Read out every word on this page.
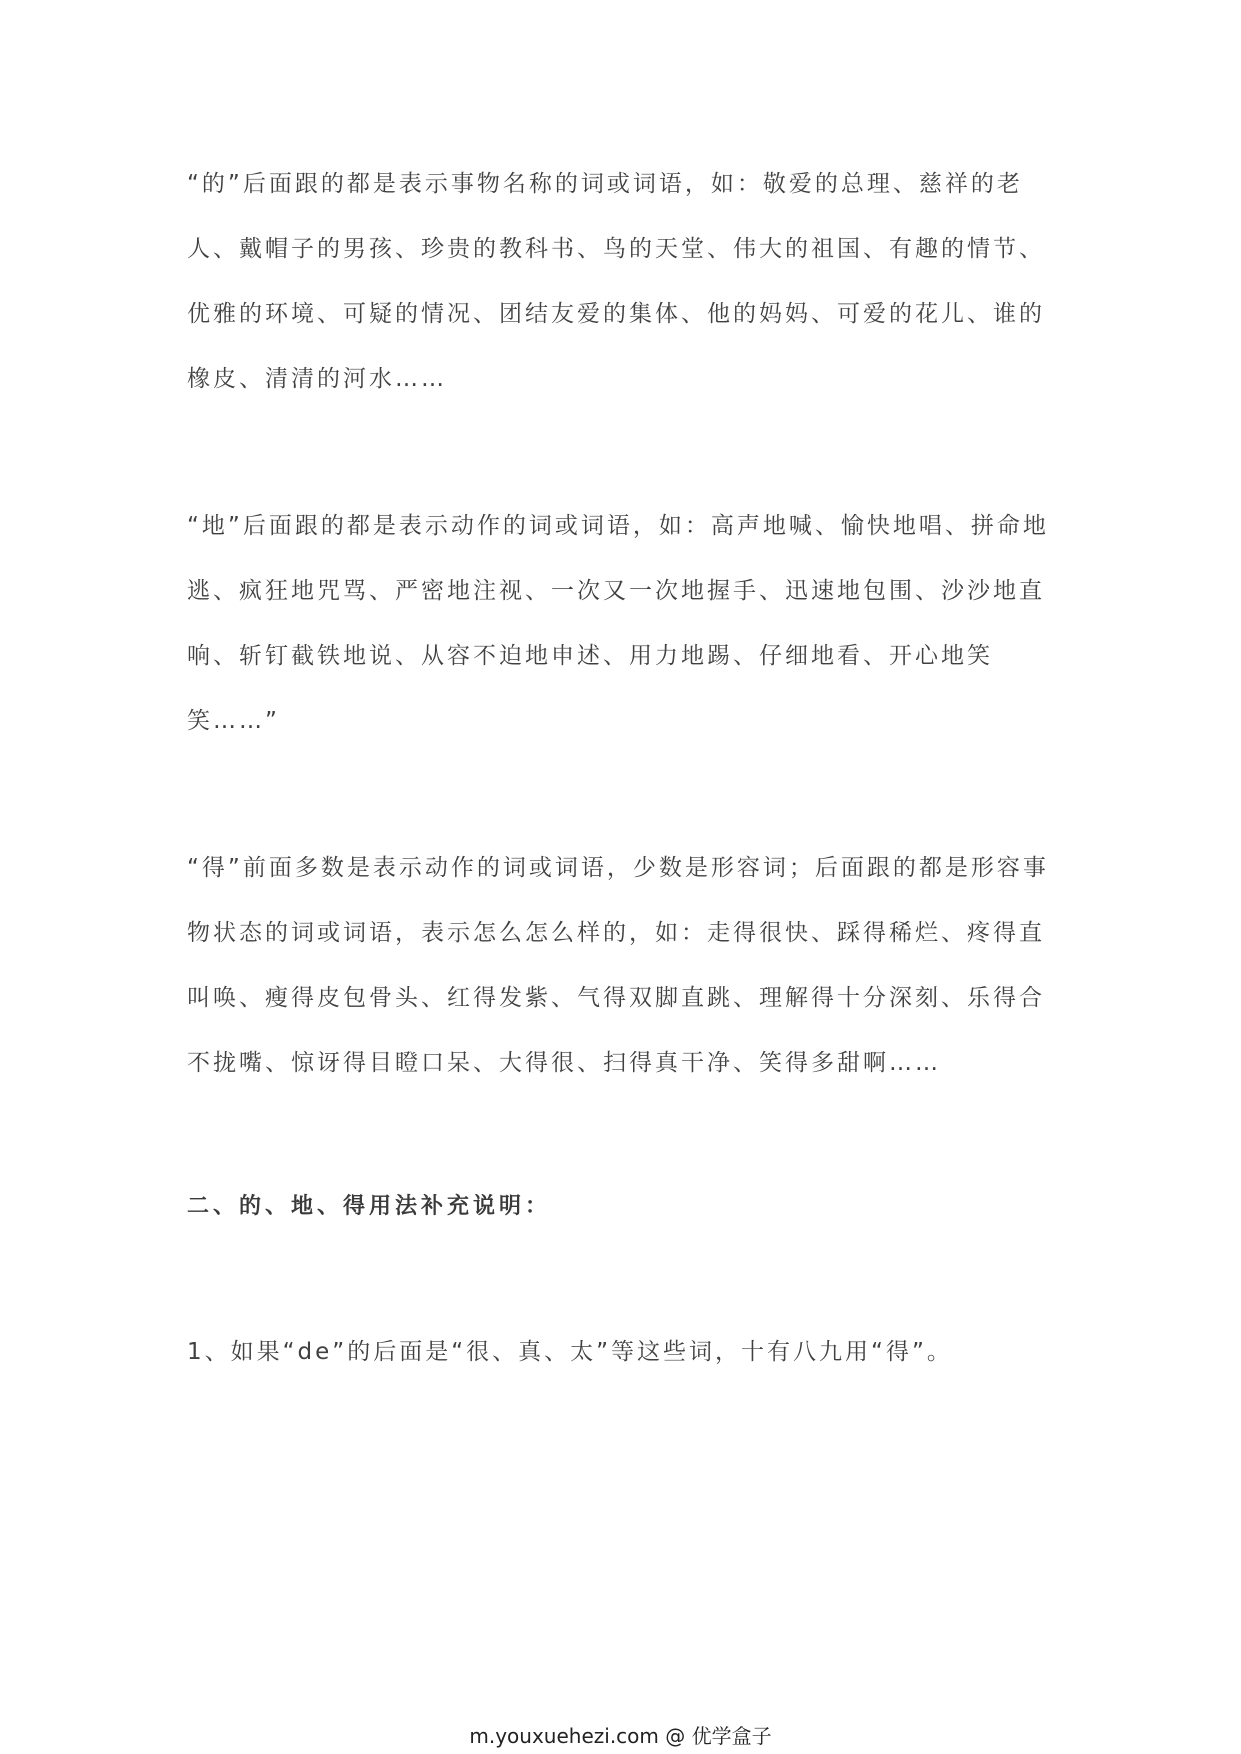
“的”后面跟的都是表示事物名称的词或词语，如：敬爱的总理、慈祥的老人、戴帽子的男孩、珍贵的教科书、鸟的天堂、伟大的祖国、有趣的情节、优雅的环境、可疑的情况、团结友爱的集体、他的妈妈、可爱的花儿、谁的橡皮、清清的河水……

“地”后面跟的都是表示动作的词或词语，如：高声地喊、愉快地唱、拼命地逃、疯狂地咒骂、严密地注视、一次又一次地握手、迅速地包围、沙沙地直响、斩钉截铁地说、从容不迫地申述、用力地踢、仔细地看、开心地笑笑……”

“得”前面多数是表示动作的词或词语，少数是形容词；后面跟的都是形容事物状态的词或词语，表示怎么怎么样的，如：走得很快、踩得稀烂、疼得直叫唤、瘦得皮包骨头、红得发紫、气得双脚直跳、理解得十分深刻、乐得合不拢嘴、惊讶得目瞪口呆、大得很、扫得真干净、笑得多甜啊……

二、的、地、得用法补充说明：

1、如果“de”的后面是“很、真、太”等这些词，十有八九用“得”。

m.youxuehezi.com @ 优学盒子
